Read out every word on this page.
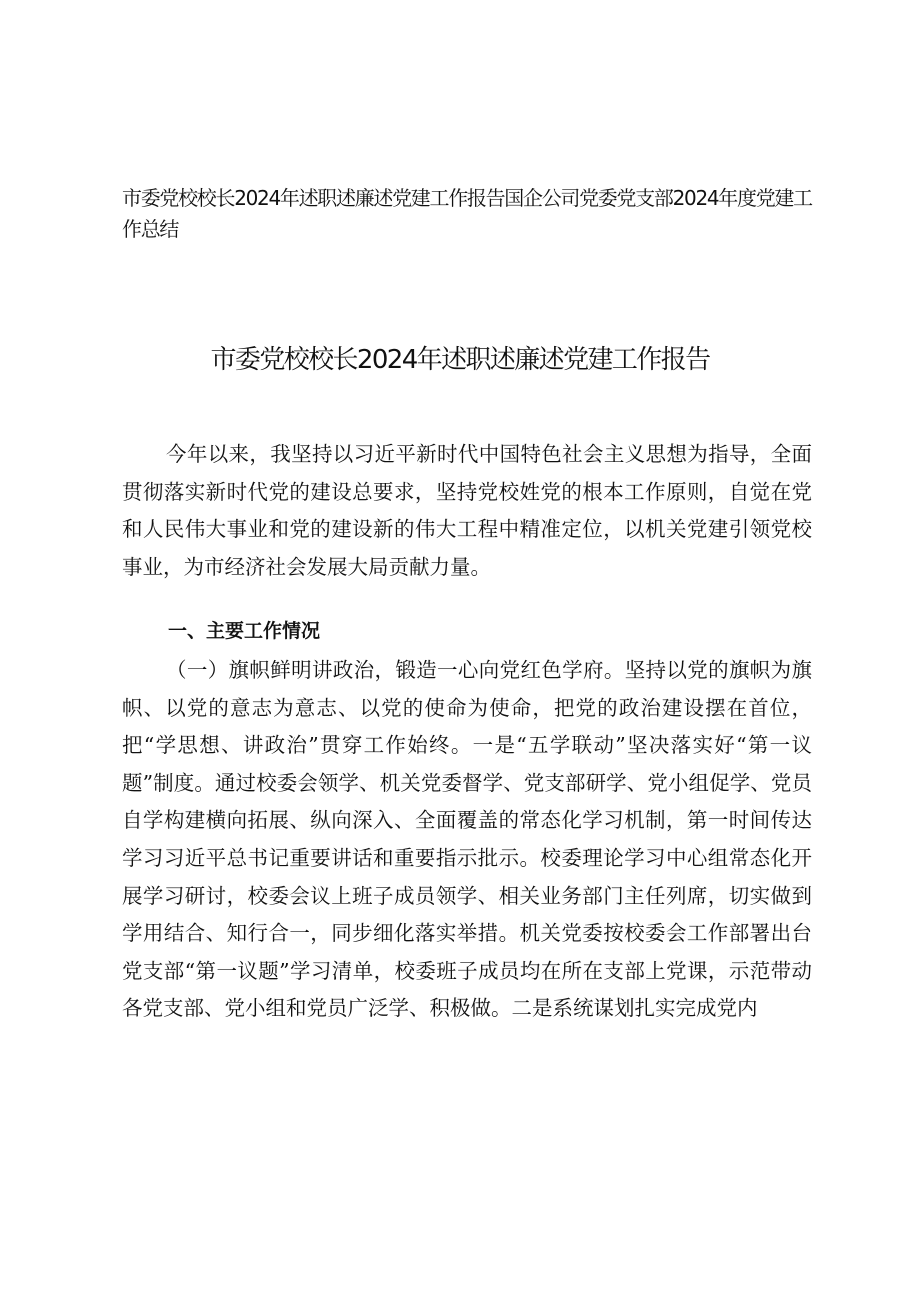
市委党校校长2024年述职述廉述党建工作报告国企公司党委党支部2024年度党建工作总结
市委党校校长2024年述职述廉述党建工作报告

今年以来，我坚持以习近平新时代中国特色社会主义思想为指导，全面贯彻落实新时代党的建设总要求，坚持党校姓党的根本工作原则，自觉在党和人民伟大事业和党的建设新的伟大工程中精准定位，以机关党建引领党校事业，为市经济社会发展大局贡献力量。

一、主要工作情况

（一）旗帜鲜明讲政治，锻造一心向党红色学府。坚持以党的旗帜为旗帜、以党的意志为意志、以党的使命为使命，把党的政治建设摆在首位，把“学思想、讲政治”贯穿工作始终。一是“五学联动”坚决落实好“第一议题”制度。通过校委会领学、机关党委督学、党支部研学、党小组促学、党员自学构建横向拓展、纵向深入、全面覆盖的常态化学习机制，第一时间传达学习习近平总书记重要讲话和重要指示批示。校委理论学习中心组常态化开展学习研讨，校委会议上班子成员领学、相关业务部门主任列席，切实做到学用结合、知行合一，同步细化落实举措。机关党委按校委会工作部署出台党支部“第一议题”学习清单，校委班子成员均在所在支部上党课，示范带动各党支部、党小组和党员广泛学、积极做。二是系统谋划扎实完成党内
